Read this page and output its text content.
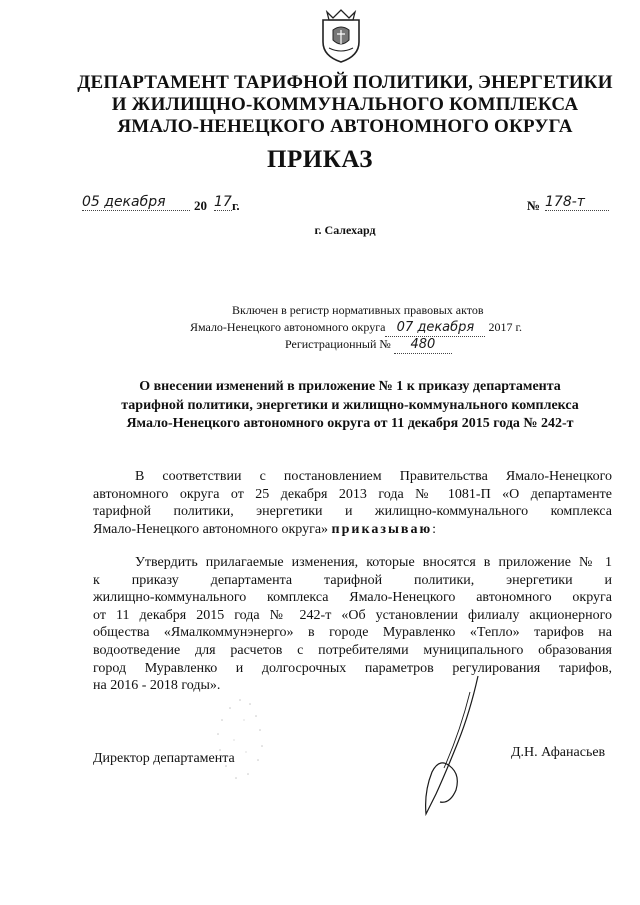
ДЕПАРТАМЕНТ ТАРИФНОЙ ПОЛИТИКИ, ЭНЕРГЕТИКИ
И ЖИЛИЩНО-КОММУНАЛЬНОГО КОМПЛЕКСА
ЯМАЛО-НЕНЕЦКОГО АВТОНОМНОГО ОКРУГА
ПРИКАЗ
05 декабря	20 17 г.	№ 178-т
г. Салехард
Включен в регистр нормативных правовых актов
Ямало-Ненецкого автономного округа 07 декабря 2017 г.
Регистрационный № 480
О внесении изменений в приложение № 1 к приказу департамента
тарифной политики, энергетики и жилищно-коммунального комплекса
Ямало-Ненецкого автономного округа от 11 декабря 2015 года № 242-т
В соответствии с постановлением Правительства Ямало-Ненецкого
автономного округа от 25 декабря 2013 года № 1081-П «О департаменте
тарифной политики, энергетики и жилищно-коммунального комплекса
Ямало-Ненецкого автономного округа» приказываю:
Утвердить прилагаемые изменения, которые вносятся в приложение № 1
к приказу департамента тарифной политики, энергетики и
жилищно-коммунального комплекса Ямало-Ненецкого автономного округа
от 11 декабря 2015 года № 242-т «Об установлении филиалу акционерного
общества «Ямалкоммунэнерго» в городе Муравленко «Тепло» тарифов на
водоотведение для расчетов с потребителями муниципального образования
город Муравленко и долгосрочных параметров регулирования тарифов,
на 2016 - 2018 годы».
Директор департамента	Д.Н. Афанасьев
